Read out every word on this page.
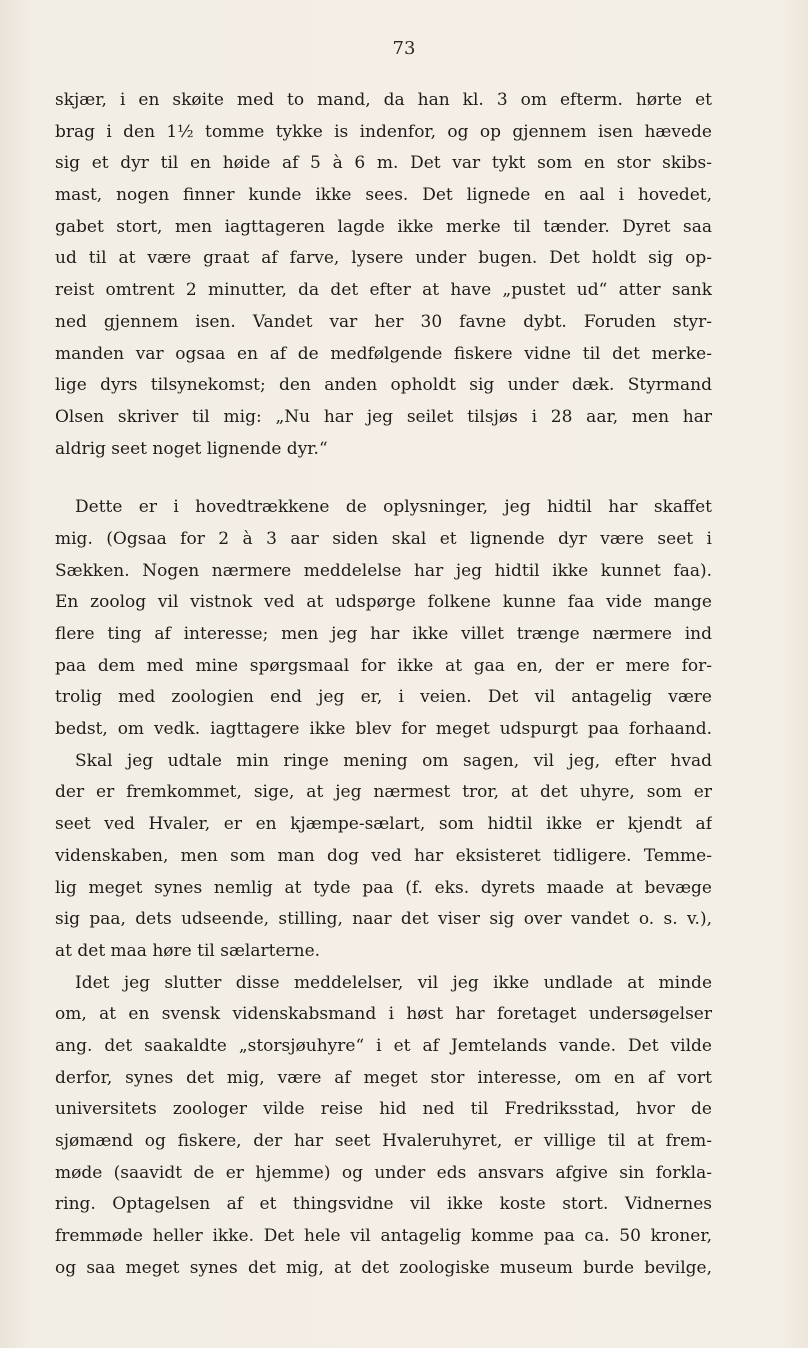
73
skjær, i en skøite med to mand, da han kl. 3 om efterm. hørte et
brag i den 1½ tomme tykke is indenfor, og op gjennem isen hævede
sig et dyr til en høide af 5 à 6 m. Det var tykt som en stor skibs-
mast, nogen finner kunde ikke sees. Det lignede en aal i hovedet,
gabet stort, men iagttageren lagde ikke merke til tænder. Dyret saa
ud til at være graat af farve, lysere under bugen. Det holdt sig op-
reist omtrent 2 minutter, da det efter at have „pustet ud“ atter sank
ned gjennem isen. Vandet var her 30 favne dybt. Foruden styr-
manden var ogsaa en af de medfølgende fiskere vidne til det merke-
lige dyrs tilsynekomst; den anden opholdt sig under dæk. Styrmand
Olsen skriver til mig: „Nu har jeg seilet tilsjøs i 28 aar, men har
aldrig seet noget lignende dyr.“
Dette er i hovedtrækkene de oplysninger, jeg hidtil har skaffet
mig. (Ogsaa for 2 à 3 aar siden skal et lignende dyr være seet i
Sækken. Nogen nærmere meddelelse har jeg hidtil ikke kunnet faa).
En zoolog vil vistnok ved at udspørge folkene kunne faa vide mange
flere ting af interesse; men jeg har ikke villet trænge nærmere ind
paa dem med mine spørgsmaal for ikke at gaa en, der er mere for-
trolig med zoologien end jeg er, i veien. Det vil antagelig være
bedst, om vedk. iagttagere ikke blev for meget udspurgt paa forhaand.
Skal jeg udtale min ringe mening om sagen, vil jeg, efter hvad
der er fremkommet, sige, at jeg nærmest tror, at det uhyre, som er
seet ved Hvaler, er en kjæmpe-sælart, som hidtil ikke er kjendt af
videnskaben, men som man dog ved har eksisteret tidligere. Temme-
lig meget synes nemlig at tyde paa (f. eks. dyrets maade at bevæge
sig paa, dets udseende, stilling, naar det viser sig over vandet o. s. v.),
at det maa høre til sælarterne.
Idet jeg slutter disse meddelelser, vil jeg ikke undlade at minde
om, at en svensk videnskabsmand i høst har foretaget undersøgelser
ang. det saakaldte „storsjøuhyre“ i et af Jemtelands vande. Det vilde
derfor, synes det mig, være af meget stor interesse, om en af vort
universitets zoologer vilde reise hid ned til Fredriksstad, hvor de
sjømænd og fiskere, der har seet Hvaleruhyret, er villige til at frem-
møde (saavidt de er hjemme) og under eds ansvars afgive sin forkla-
ring. Optagelsen af et thingsvidne vil ikke koste stort. Vidnernes
fremmøde heller ikke. Det hele vil antagelig komme paa ca. 50 kroner,
og saa meget synes det mig, at det zoologiske museum burde bevilge,
